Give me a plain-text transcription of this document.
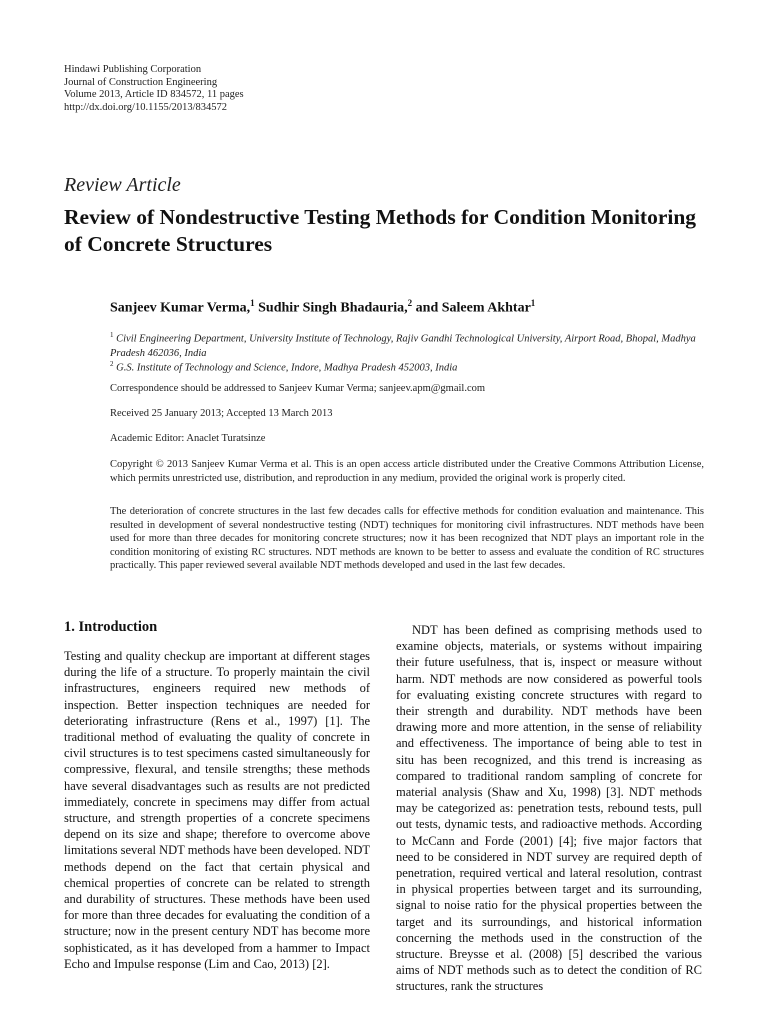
Hindawi Publishing Corporation
Journal of Construction Engineering
Volume 2013, Article ID 834572, 11 pages
http://dx.doi.org/10.1155/2013/834572
Review Article
Review of Nondestructive Testing Methods for Condition Monitoring of Concrete Structures
Sanjeev Kumar Verma,$^1$ Sudhir Singh Bhadauria,$^2$ and Saleem Akhtar$^1$
$^1$ Civil Engineering Department, University Institute of Technology, Rajiv Gandhi Technological University, Airport Road, Bhopal, Madhya Pradesh 462036, India
$^2$ G.S. Institute of Technology and Science, Indore, Madhya Pradesh 452003, India
Correspondence should be addressed to Sanjeev Kumar Verma; sanjeev.apm@gmail.com
Received 25 January 2013; Accepted 13 March 2013
Academic Editor: Anaclet Turatsinze
Copyright © 2013 Sanjeev Kumar Verma et al. This is an open access article distributed under the Creative Commons Attribution License, which permits unrestricted use, distribution, and reproduction in any medium, provided the original work is properly cited.
The deterioration of concrete structures in the last few decades calls for effective methods for condition evaluation and maintenance. This resulted in development of several nondestructive testing (NDT) techniques for monitoring civil infrastructures. NDT methods have been used for more than three decades for monitoring concrete structures; now it has been recognized that NDT plays an important role in the condition monitoring of existing RC structures. NDT methods are known to be better to assess and evaluate the condition of RC structures practically. This paper reviewed several available NDT methods developed and used in the last few decades.
1. Introduction

Testing and quality checkup are important at different stages during the life of a structure. To properly maintain the civil infrastructures, engineers required new methods of inspection. Better inspection techniques are needed for deteriorating infrastructure (Rens et al., 1997) [1]. The traditional method of evaluating the quality of concrete in civil structures is to test specimens casted simultaneously for compressive, flexural, and tensile strengths; these methods have several disadvantages such as results are not predicted immediately, concrete in specimens may differ from actual structure, and strength properties of a concrete specimens depend on its size and shape; therefore to overcome above limitations several NDT methods have been developed. NDT methods depend on the fact that certain physical and chemical properties of concrete can be related to strength and durability of structures. These methods have been used for more than three decades for evaluating the condition of a structure; now in the present century NDT has become more sophisticated, as it has developed from a hammer to Impact Echo and Impulse response (Lim and Cao, 2013) [2].

NDT has been defined as comprising methods used to examine objects, materials, or systems without impairing their future usefulness, that is, inspect or measure without harm. NDT methods are now considered as powerful tools for evaluating existing concrete structures with regard to their strength and durability. NDT methods have been drawing more and more attention, in the sense of reliability and effectiveness. The importance of being able to test in situ has been recognized, and this trend is increasing as compared to traditional random sampling of concrete for material analysis (Shaw and Xu, 1998) [3]. NDT methods may be categorized as: penetration tests, rebound tests, pull out tests, dynamic tests, and radioactive methods. According to McCann and Forde (2001) [4]; five major factors that need to be considered in NDT survey are required depth of penetration, required vertical and lateral resolution, contrast in physical properties between target and its surrounding, signal to noise ratio for the physical properties between the target and its surroundings, and historical information concerning the methods used in the construction of the structure. Breysse et al. (2008) [5] described the various aims of NDT methods such as to detect the condition of RC structures, rank the structures
